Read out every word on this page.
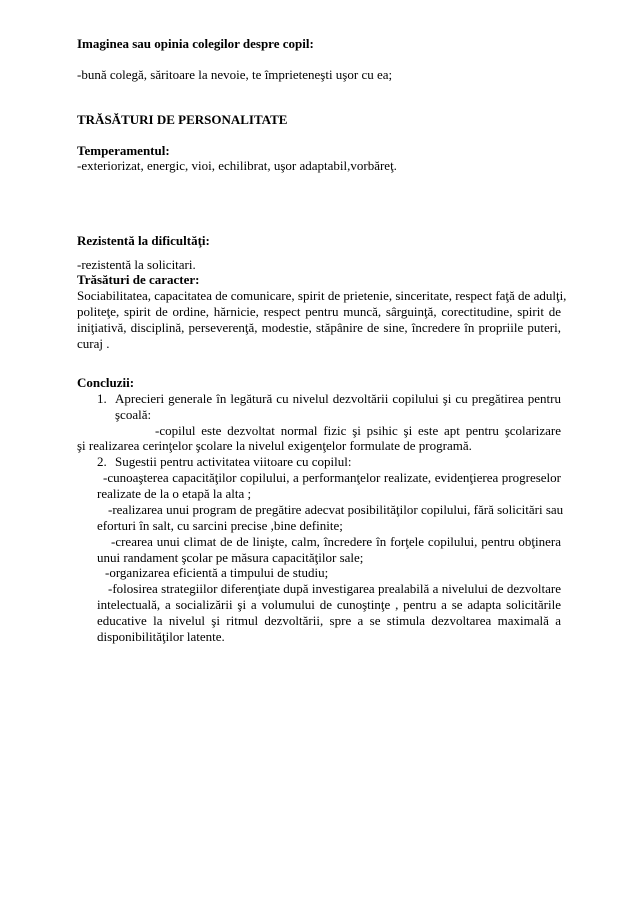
Imaginea sau opinia colegilor despre copil:
-bună colegă, săritoare la nevoie, te împrieteneşti uşor cu ea;
TRĂSĂTURI DE PERSONALITATE
Temperamentul:
-exteriorizat, energic, vioi, echilibrat, uşor adaptabil,vorbăreţ.
Rezistentă la dificultăţi:
-rezistentă la solicitari.
Trăsături de caracter:
Sociabilitatea, capacitatea de comunicare, spirit de prietenie, sinceritate, respect faţă de adulţi,
politeţe, spirit de ordine, hărnicie, respect pentru muncă, sârguinţă, corectitudine, spirit de
iniţiativă, disciplină, perseverenţă, modestie, stăpânire de sine, încredere în propriile puteri,
curaj .
Concluzii:
1. Aprecieri generale în legătură cu nivelul dezvoltării copilului şi cu pregătirea pentru
şcoală:
-copilul este dezvoltat normal fizic şi psihic şi este apt pentru şcolarizare
şi realizarea cerinţelor şcolare la nivelul exigenţelor formulate de programă.
2. Sugestii pentru activitatea viitoare cu copilul:
-cunoaşterea capacităţilor copilului, a performanţelor realizate, evidenţierea progreselor
realizate de la o etapă la alta ;
-realizarea unui program de pregătire adecvat posibilităţilor copilului, fără solicitări sau
eforturi în salt, cu sarcini precise ,bine definite;
-crearea unui climat de de linişte, calm, încredere în forţele copilului, pentru obţinera
unui randament şcolar pe măsura capacităţilor sale;
-organizarea eficientă a timpului de studiu;
-folosirea strategiilor diferenţiate după investigarea prealabilă a nivelului de dezvoltare
intelectuală, a socializării şi a volumului de cunoştinţe , pentru a se adapta solicitările
educative la nivelul şi ritmul dezvoltării, spre a se stimula dezvoltarea maximală a
disponibilităţilor latente.
